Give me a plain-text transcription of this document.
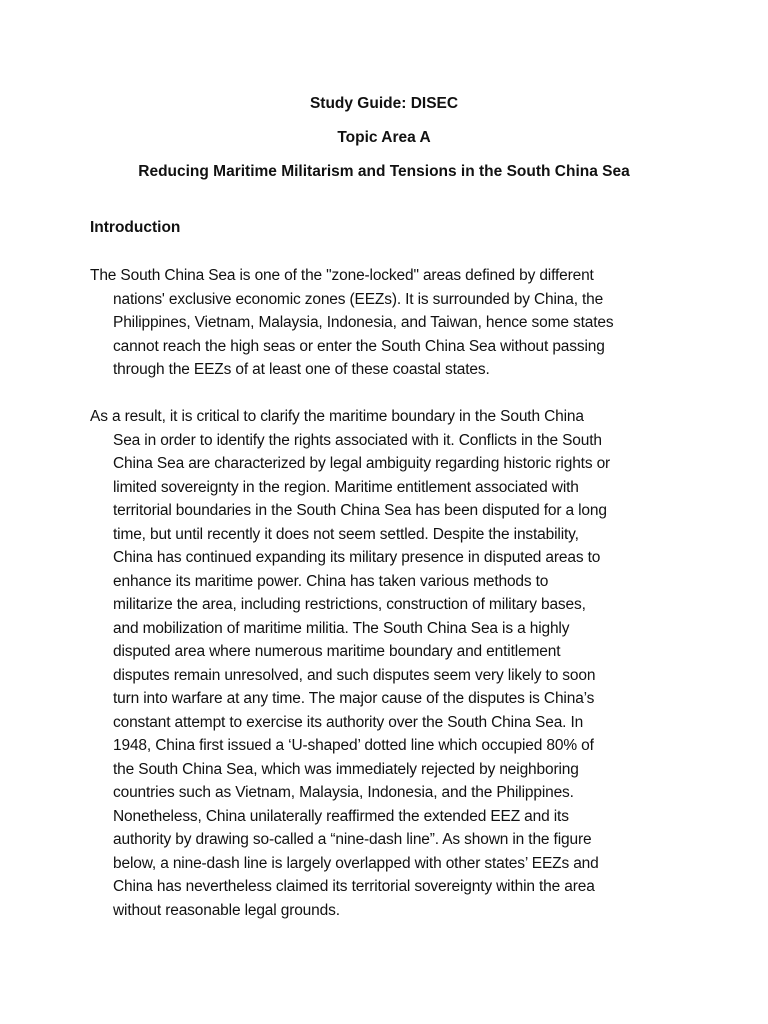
Study Guide: DISEC
Topic Area A
Reducing Maritime Militarism and Tensions in the South China Sea
Introduction
The South China Sea is one of the "zone-locked" areas defined by different
nations' exclusive economic zones (EEZs). It is surrounded by China, the
Philippines, Vietnam, Malaysia, Indonesia, and Taiwan, hence some states
cannot reach the high seas or enter the South China Sea without passing
through the EEZs of at least one of these coastal states.
As a result, it is critical to clarify the maritime boundary in the South China
Sea in order to identify the rights associated with it. Conflicts in the South
China Sea are characterized by legal ambiguity regarding historic rights or
limited sovereignty in the region. Maritime entitlement associated with
territorial boundaries in the South China Sea has been disputed for a long
time, but until recently it does not seem settled. Despite the instability,
China has continued expanding its military presence in disputed areas to
enhance its maritime power. China has taken various methods to
militarize the area, including restrictions, construction of military bases,
and mobilization of maritime militia. The South China Sea is a highly
disputed area where numerous maritime boundary and entitlement
disputes remain unresolved, and such disputes seem very likely to soon
turn into warfare at any time. The major cause of the disputes is China’s
constant attempt to exercise its authority over the South China Sea. In
1948, China first issued a ‘U-shaped’ dotted line which occupied 80% of
the South China Sea, which was immediately rejected by neighboring
countries such as Vietnam, Malaysia, Indonesia, and the Philippines.
Nonetheless, China unilaterally reaffirmed the extended EEZ and its
authority by drawing so-called a “nine-dash line”. As shown in the figure
below, a nine-dash line is largely overlapped with other states’ EEZs and
China has nevertheless claimed its territorial sovereignty within the area
without reasonable legal grounds.
